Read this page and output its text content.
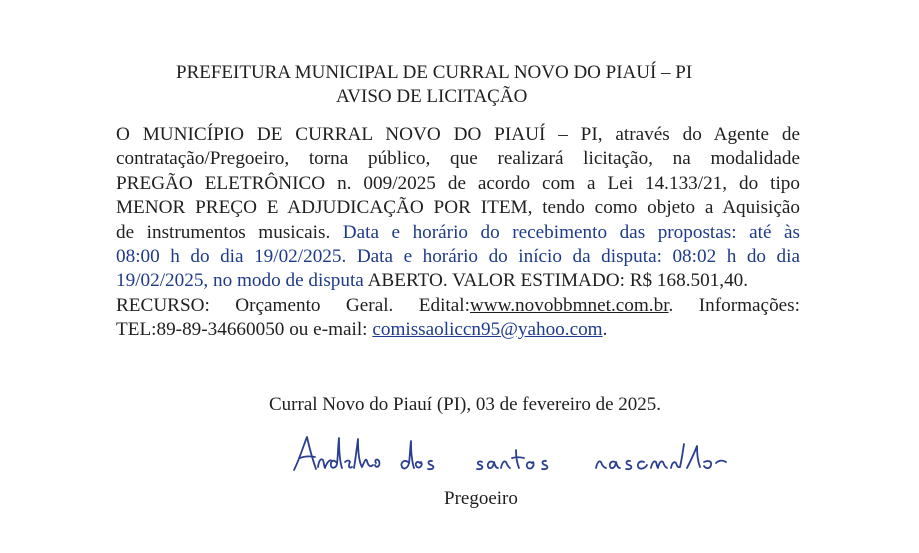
PREFEITURA MUNICIPAL DE CURRAL NOVO DO PIAUÍ – PI
AVISO DE LICITAÇÃO
O MUNICÍPIO DE CURRAL NOVO DO PIAUÍ – PI, através do Agente de
contratação/Pregoeiro, torna público, que realizará licitação, na modalidade
PREGÃO ELETRÔNICO n. 009/2025 de acordo com a Lei 14.133/21, do tipo
MENOR PREÇO E ADJUDICAÇÃO POR ITEM, tendo como objeto a Aquisição
de instrumentos musicais. Data e horário do recebimento das propostas: até às
08:00 h do dia 19/02/2025. Data e horário do início da disputa: 08:02 h do dia
19/02/2025, no modo de disputa ABERTO. VALOR ESTIMADO: R$ 168.501,40.
RECURSO: Orçamento Geral. Edital:www.novobbmnet.com.br. Informações:
TEL:89-89-34660050 ou e-mail: comissaoliccn95@yahoo.com.
Curral Novo do Piauí (PI), 03 de fevereiro de 2025.
Pregoeiro
